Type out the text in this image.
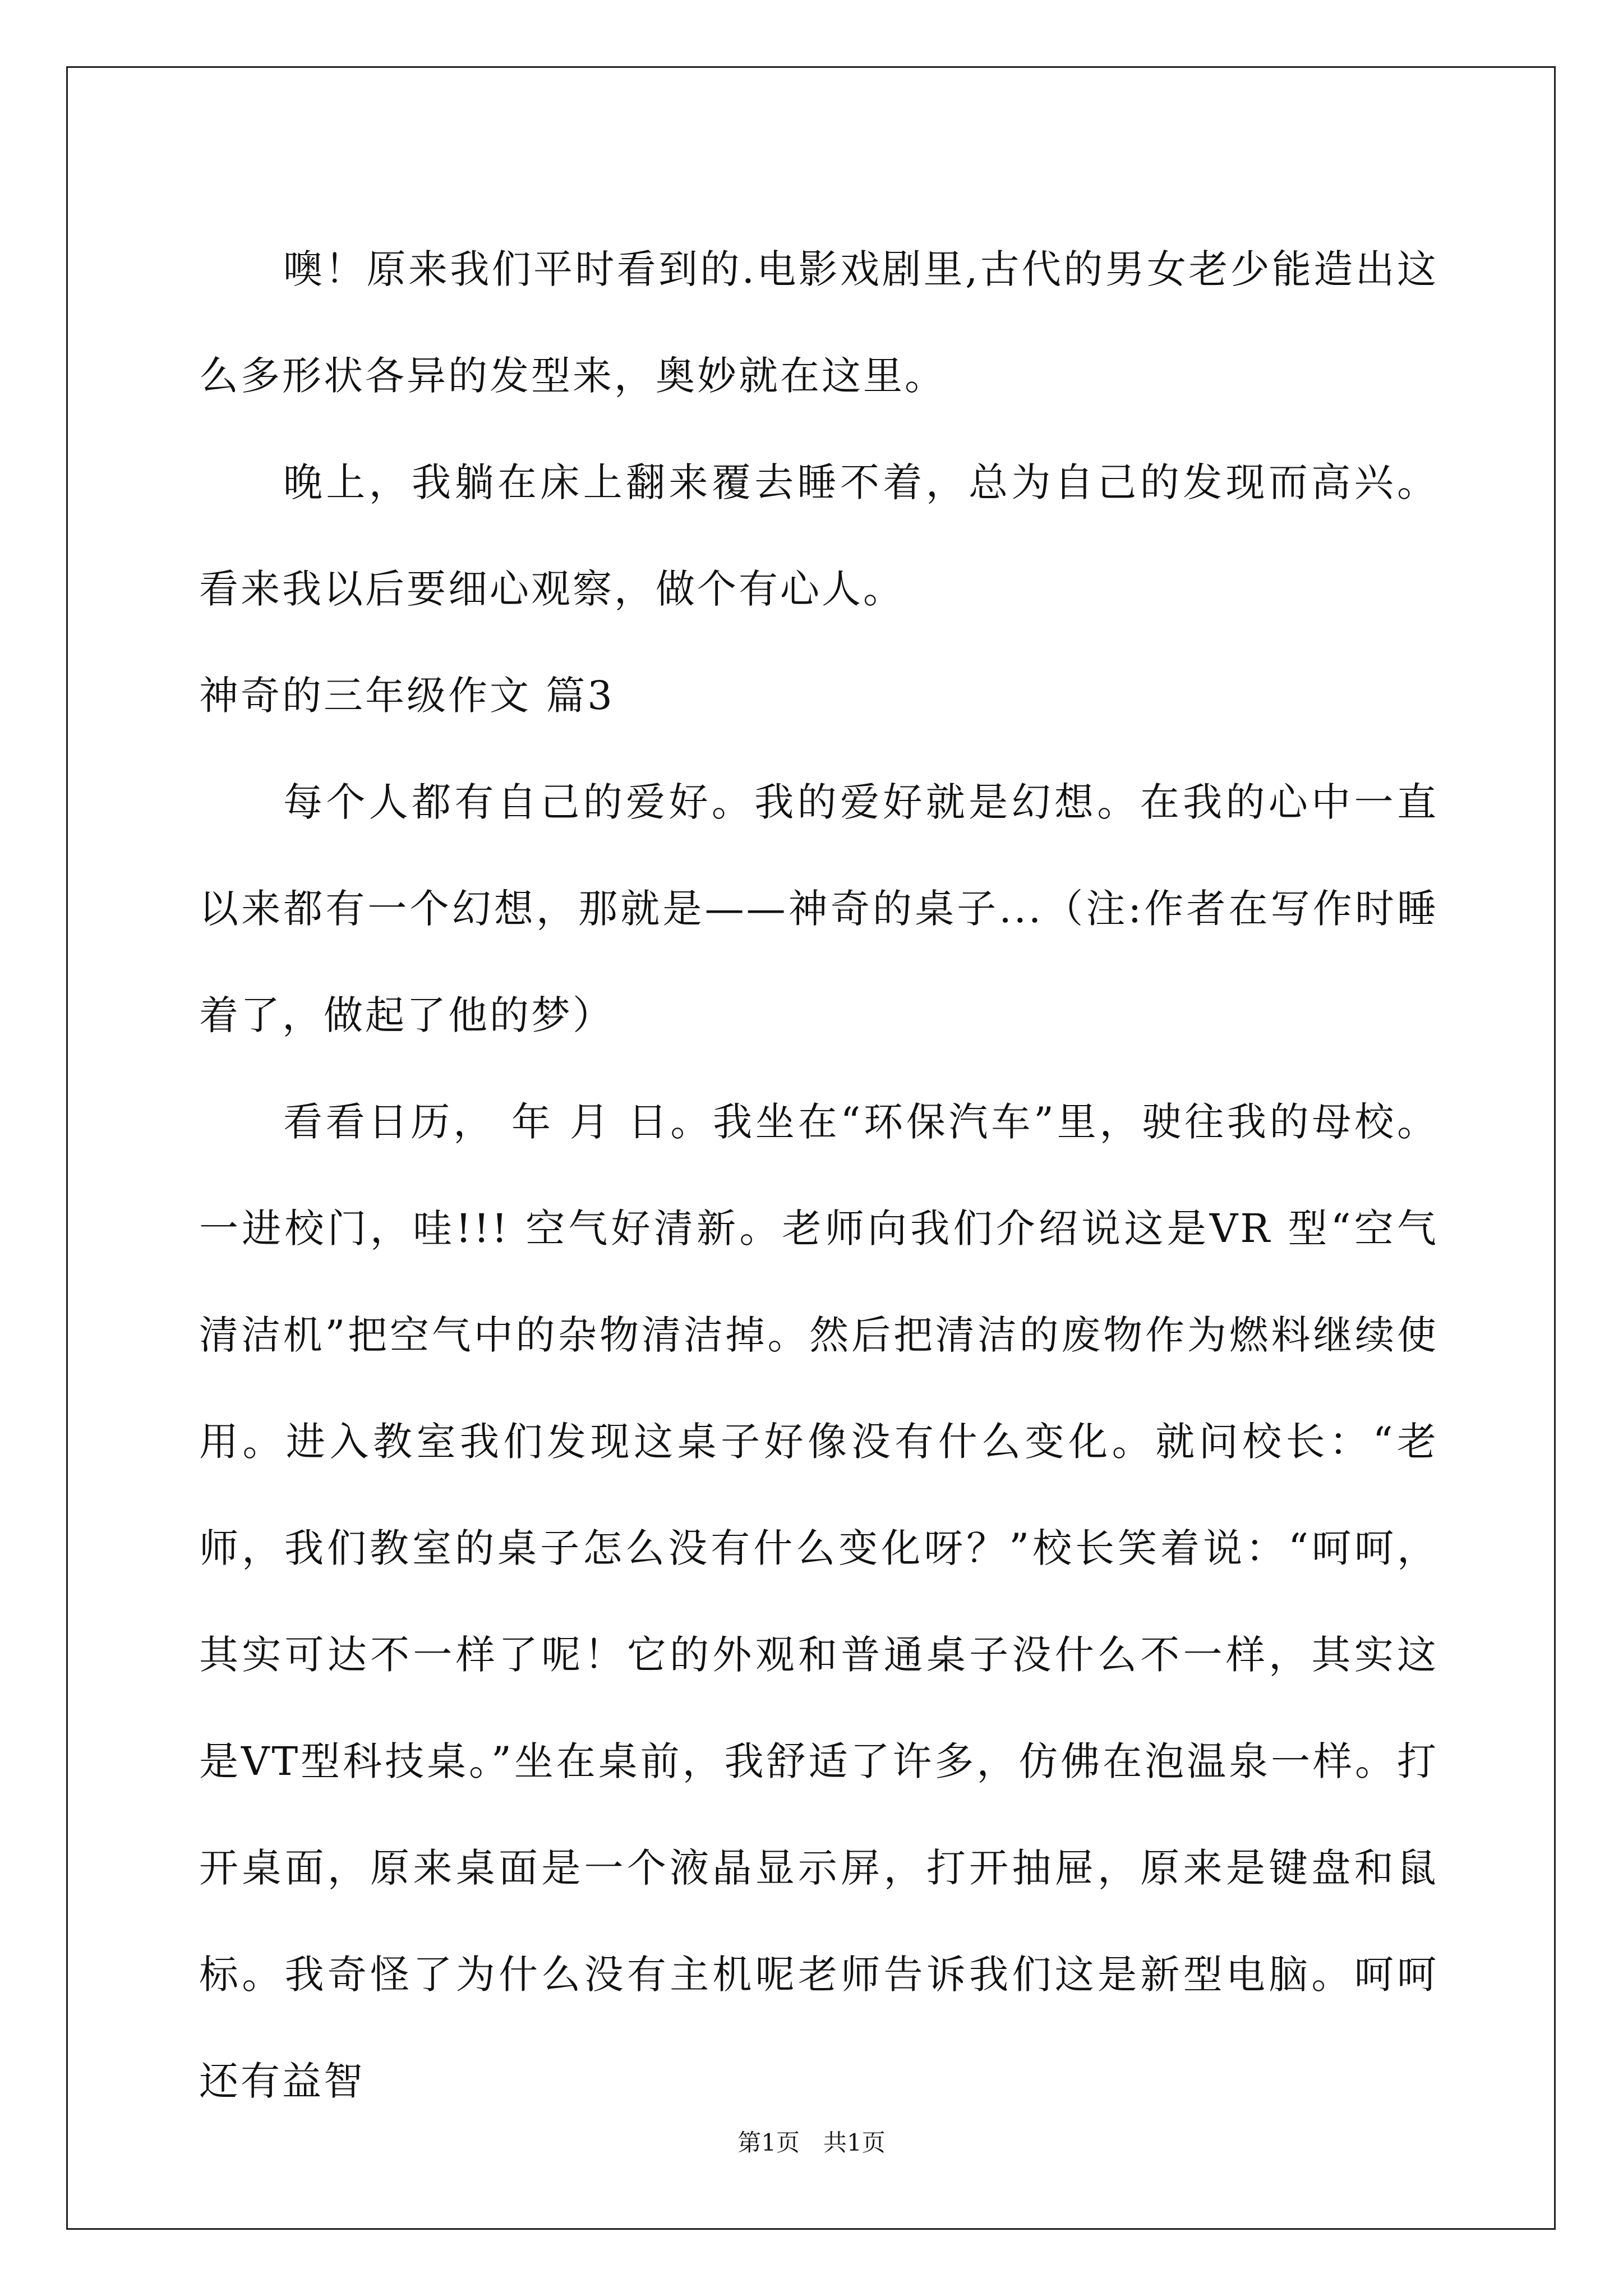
噢！原来我们平时看到的.电影戏剧里,古代的男女老少能造出这么多形状各异的发型来，奥妙就在这里。

晚上，我躺在床上翻来覆去睡不着，总为自己的发现而高兴。看来我以后要细心观察，做个有心人。

神奇的三年级作文 篇3

每个人都有自己的爱好。我的爱好就是幻想。在我的心中一直以来都有一个幻想，那就是——神奇的桌子...（注:作者在写作时睡着了，做起了他的梦）

看看日历， 年 月 日。我坐在“环保汽车”里，驶往我的母校。一进校门，哇!!! 空气好清新。老师向我们介绍说这是VR 型“空气清洁机”把空气中的杂物清洁掉。然后把清洁的废物作为燃料继续使用。进入教室我们发现这桌子好像没有什么变化。就问校长：“老师，我们教室的桌子怎么没有什么变化呀？”校长笑着说：“呵呵，其实可达不一样了呢！它的外观和普通桌子没什么不一样，其实这是VT型科技桌。”坐在桌前，我舒适了许多，仿佛在泡温泉一样。打开桌面，原来桌面是一个液晶显示屏，打开抽屉，原来是键盘和鼠标。我奇怪了为什么没有主机呢老师告诉我们这是新型电脑。呵呵还有益智

第1页　共1页
